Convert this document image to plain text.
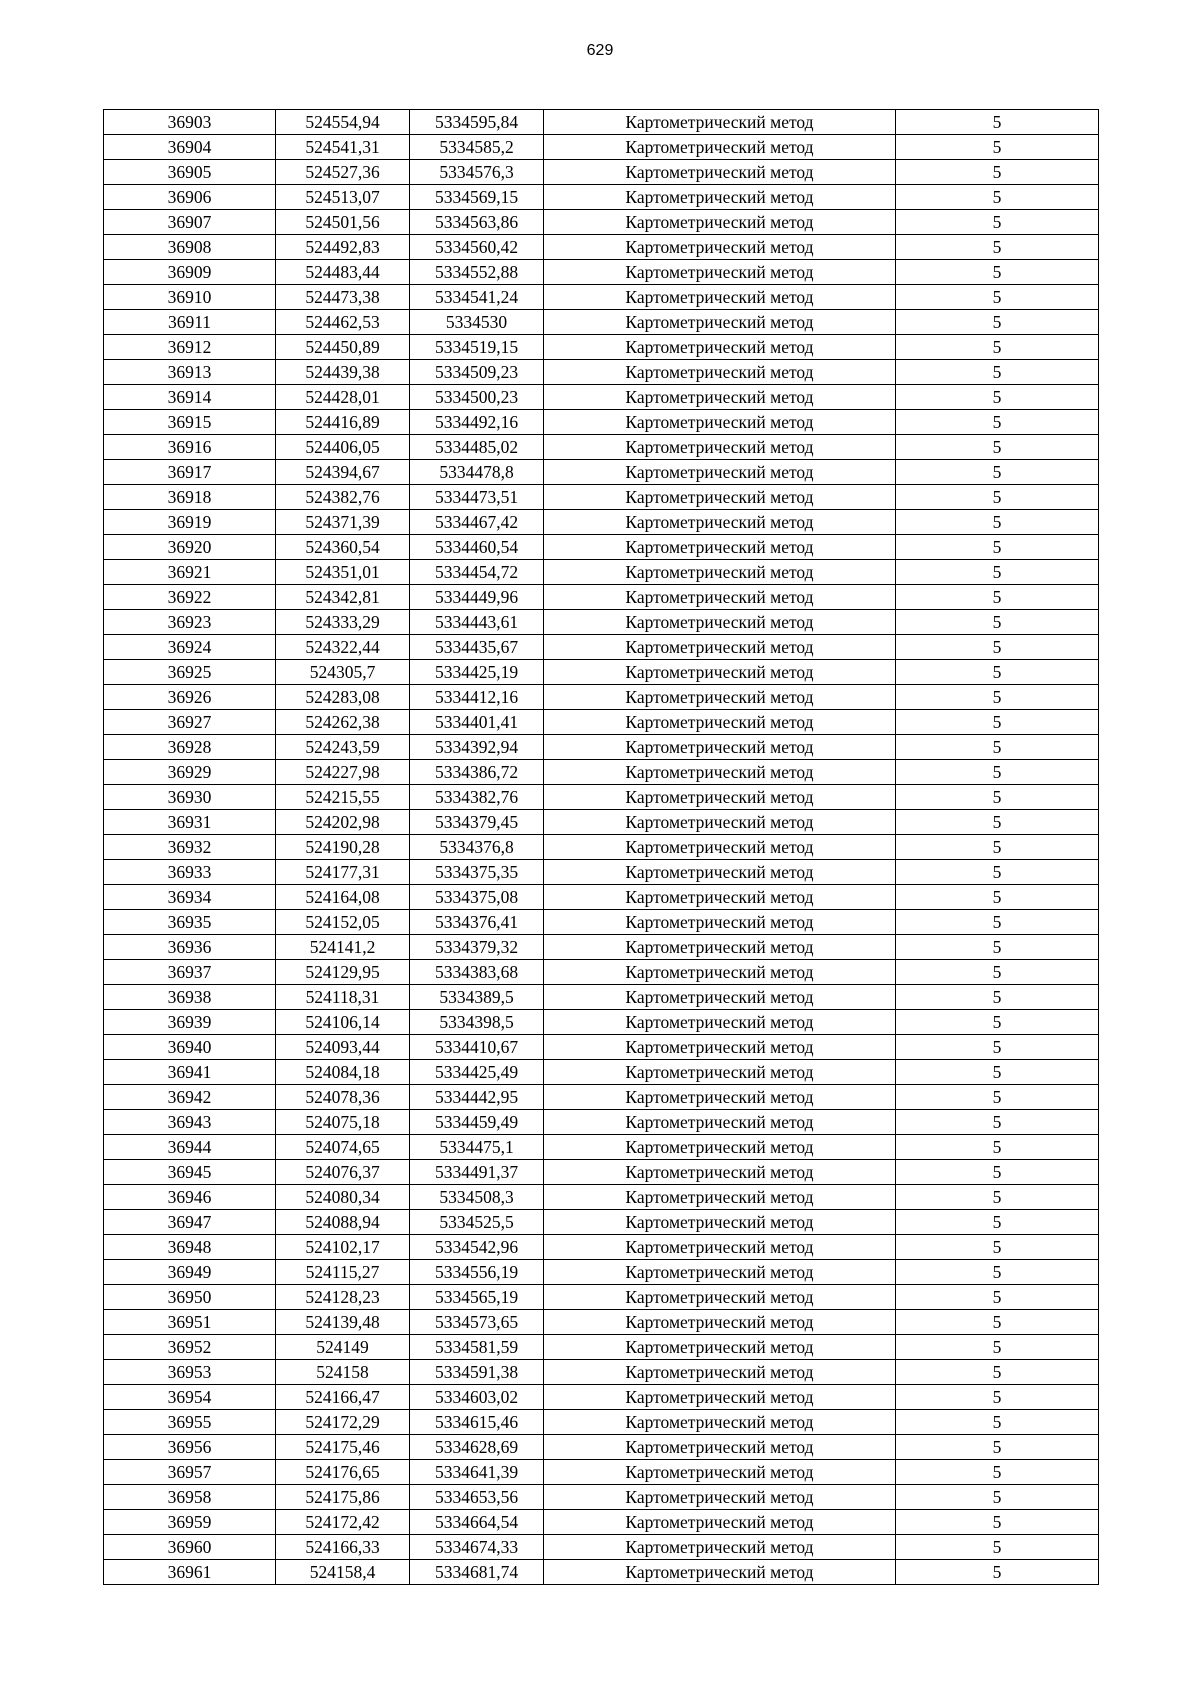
629
36903	524554,94	5334595,84	Картометрический метод	5
36904	524541,31	5334585,2	Картометрический метод	5
36905	524527,36	5334576,3	Картометрический метод	5
36906	524513,07	5334569,15	Картометрический метод	5
36907	524501,56	5334563,86	Картометрический метод	5
36908	524492,83	5334560,42	Картометрический метод	5
36909	524483,44	5334552,88	Картометрический метод	5
36910	524473,38	5334541,24	Картометрический метод	5
36911	524462,53	5334530	Картометрический метод	5
36912	524450,89	5334519,15	Картометрический метод	5
36913	524439,38	5334509,23	Картометрический метод	5
36914	524428,01	5334500,23	Картометрический метод	5
36915	524416,89	5334492,16	Картометрический метод	5
36916	524406,05	5334485,02	Картометрический метод	5
36917	524394,67	5334478,8	Картометрический метод	5
36918	524382,76	5334473,51	Картометрический метод	5
36919	524371,39	5334467,42	Картометрический метод	5
36920	524360,54	5334460,54	Картометрический метод	5
36921	524351,01	5334454,72	Картометрический метод	5
36922	524342,81	5334449,96	Картометрический метод	5
36923	524333,29	5334443,61	Картометрический метод	5
36924	524322,44	5334435,67	Картометрический метод	5
36925	524305,7	5334425,19	Картометрический метод	5
36926	524283,08	5334412,16	Картометрический метод	5
36927	524262,38	5334401,41	Картометрический метод	5
36928	524243,59	5334392,94	Картометрический метод	5
36929	524227,98	5334386,72	Картометрический метод	5
36930	524215,55	5334382,76	Картометрический метод	5
36931	524202,98	5334379,45	Картометрический метод	5
36932	524190,28	5334376,8	Картометрический метод	5
36933	524177,31	5334375,35	Картометрический метод	5
36934	524164,08	5334375,08	Картометрический метод	5
36935	524152,05	5334376,41	Картометрический метод	5
36936	524141,2	5334379,32	Картометрический метод	5
36937	524129,95	5334383,68	Картометрический метод	5
36938	524118,31	5334389,5	Картометрический метод	5
36939	524106,14	5334398,5	Картометрический метод	5
36940	524093,44	5334410,67	Картометрический метод	5
36941	524084,18	5334425,49	Картометрический метод	5
36942	524078,36	5334442,95	Картометрический метод	5
36943	524075,18	5334459,49	Картометрический метод	5
36944	524074,65	5334475,1	Картометрический метод	5
36945	524076,37	5334491,37	Картометрический метод	5
36946	524080,34	5334508,3	Картометрический метод	5
36947	524088,94	5334525,5	Картометрический метод	5
36948	524102,17	5334542,96	Картометрический метод	5
36949	524115,27	5334556,19	Картометрический метод	5
36950	524128,23	5334565,19	Картометрический метод	5
36951	524139,48	5334573,65	Картометрический метод	5
36952	524149	5334581,59	Картометрический метод	5
36953	524158	5334591,38	Картометрический метод	5
36954	524166,47	5334603,02	Картометрический метод	5
36955	524172,29	5334615,46	Картометрический метод	5
36956	524175,46	5334628,69	Картометрический метод	5
36957	524176,65	5334641,39	Картометрический метод	5
36958	524175,86	5334653,56	Картометрический метод	5
36959	524172,42	5334664,54	Картометрический метод	5
36960	524166,33	5334674,33	Картометрический метод	5
36961	524158,4	5334681,74	Картометрический метод	5
